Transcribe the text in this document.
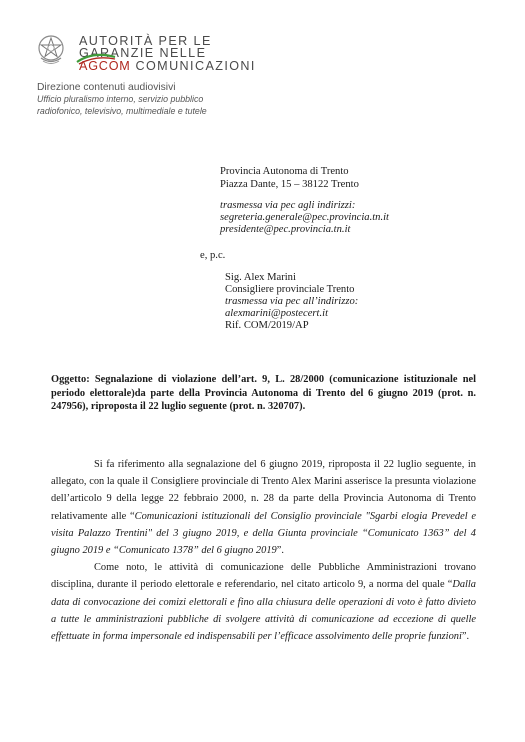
AUTORITÀ PER LE
GARANZIE NELLE
AGCOM COMUNICAZIONI
Direzione contenuti audiovisivi
Ufficio pluralismo interno, servizio pubblico
radiofonico, televisivo, multimediale e tutele
Provincia Autonoma di Trento
Piazza Dante, 15 – 38122 Trento
trasmessa via pec agli indirizzi:
segreteria.generale@pec.provincia.tn.it
presidente@pec.provincia.tn.it
e, p.c.
Sig. Alex Marini
Consigliere provinciale Trento
trasmessa via pec all’indirizzo:
alexmarini@postecert.it
Rif. COM/2019/AP
Oggetto: Segnalazione di violazione dell’art. 9, L. 28/2000 (comunicazione istituzionale nel periodo elettorale)da parte della Provincia Autonoma di Trento del 6 giugno 2019 (prot. n. 247956), riproposta il 22 luglio seguente (prot. n. 320707).

Si fa riferimento alla segnalazione del 6 giugno 2019, riproposta il 22 luglio seguente, in allegato, con la quale il Consigliere provinciale di Trento Alex Marini asserisce la presunta violazione dell’articolo 9 della legge 22 febbraio 2000, n. 28 da parte della Provincia Autonoma di Trento relativamente alle “Comunicazioni istituzionali del Consiglio provinciale "Sgarbi elogia Prevedel e visita Palazzo Trentini" del 3 giugno 2019, e della Giunta provinciale “Comunicato 1363” del 4 giugno 2019 e “Comunicato 1378” del 6 giugno 2019”.

Come noto, le attività di comunicazione delle Pubbliche Amministrazioni trovano disciplina, durante il periodo elettorale e referendario, nel citato articolo 9, a norma del quale “Dalla data di convocazione dei comizi elettorali e fino alla chiusura delle operazioni di voto è fatto divieto a tutte le amministrazioni pubbliche di svolgere attività di comunicazione ad eccezione di quelle effettuate in forma impersonale ed indispensabili per l’efficace assolvimento delle proprie funzioni”.
